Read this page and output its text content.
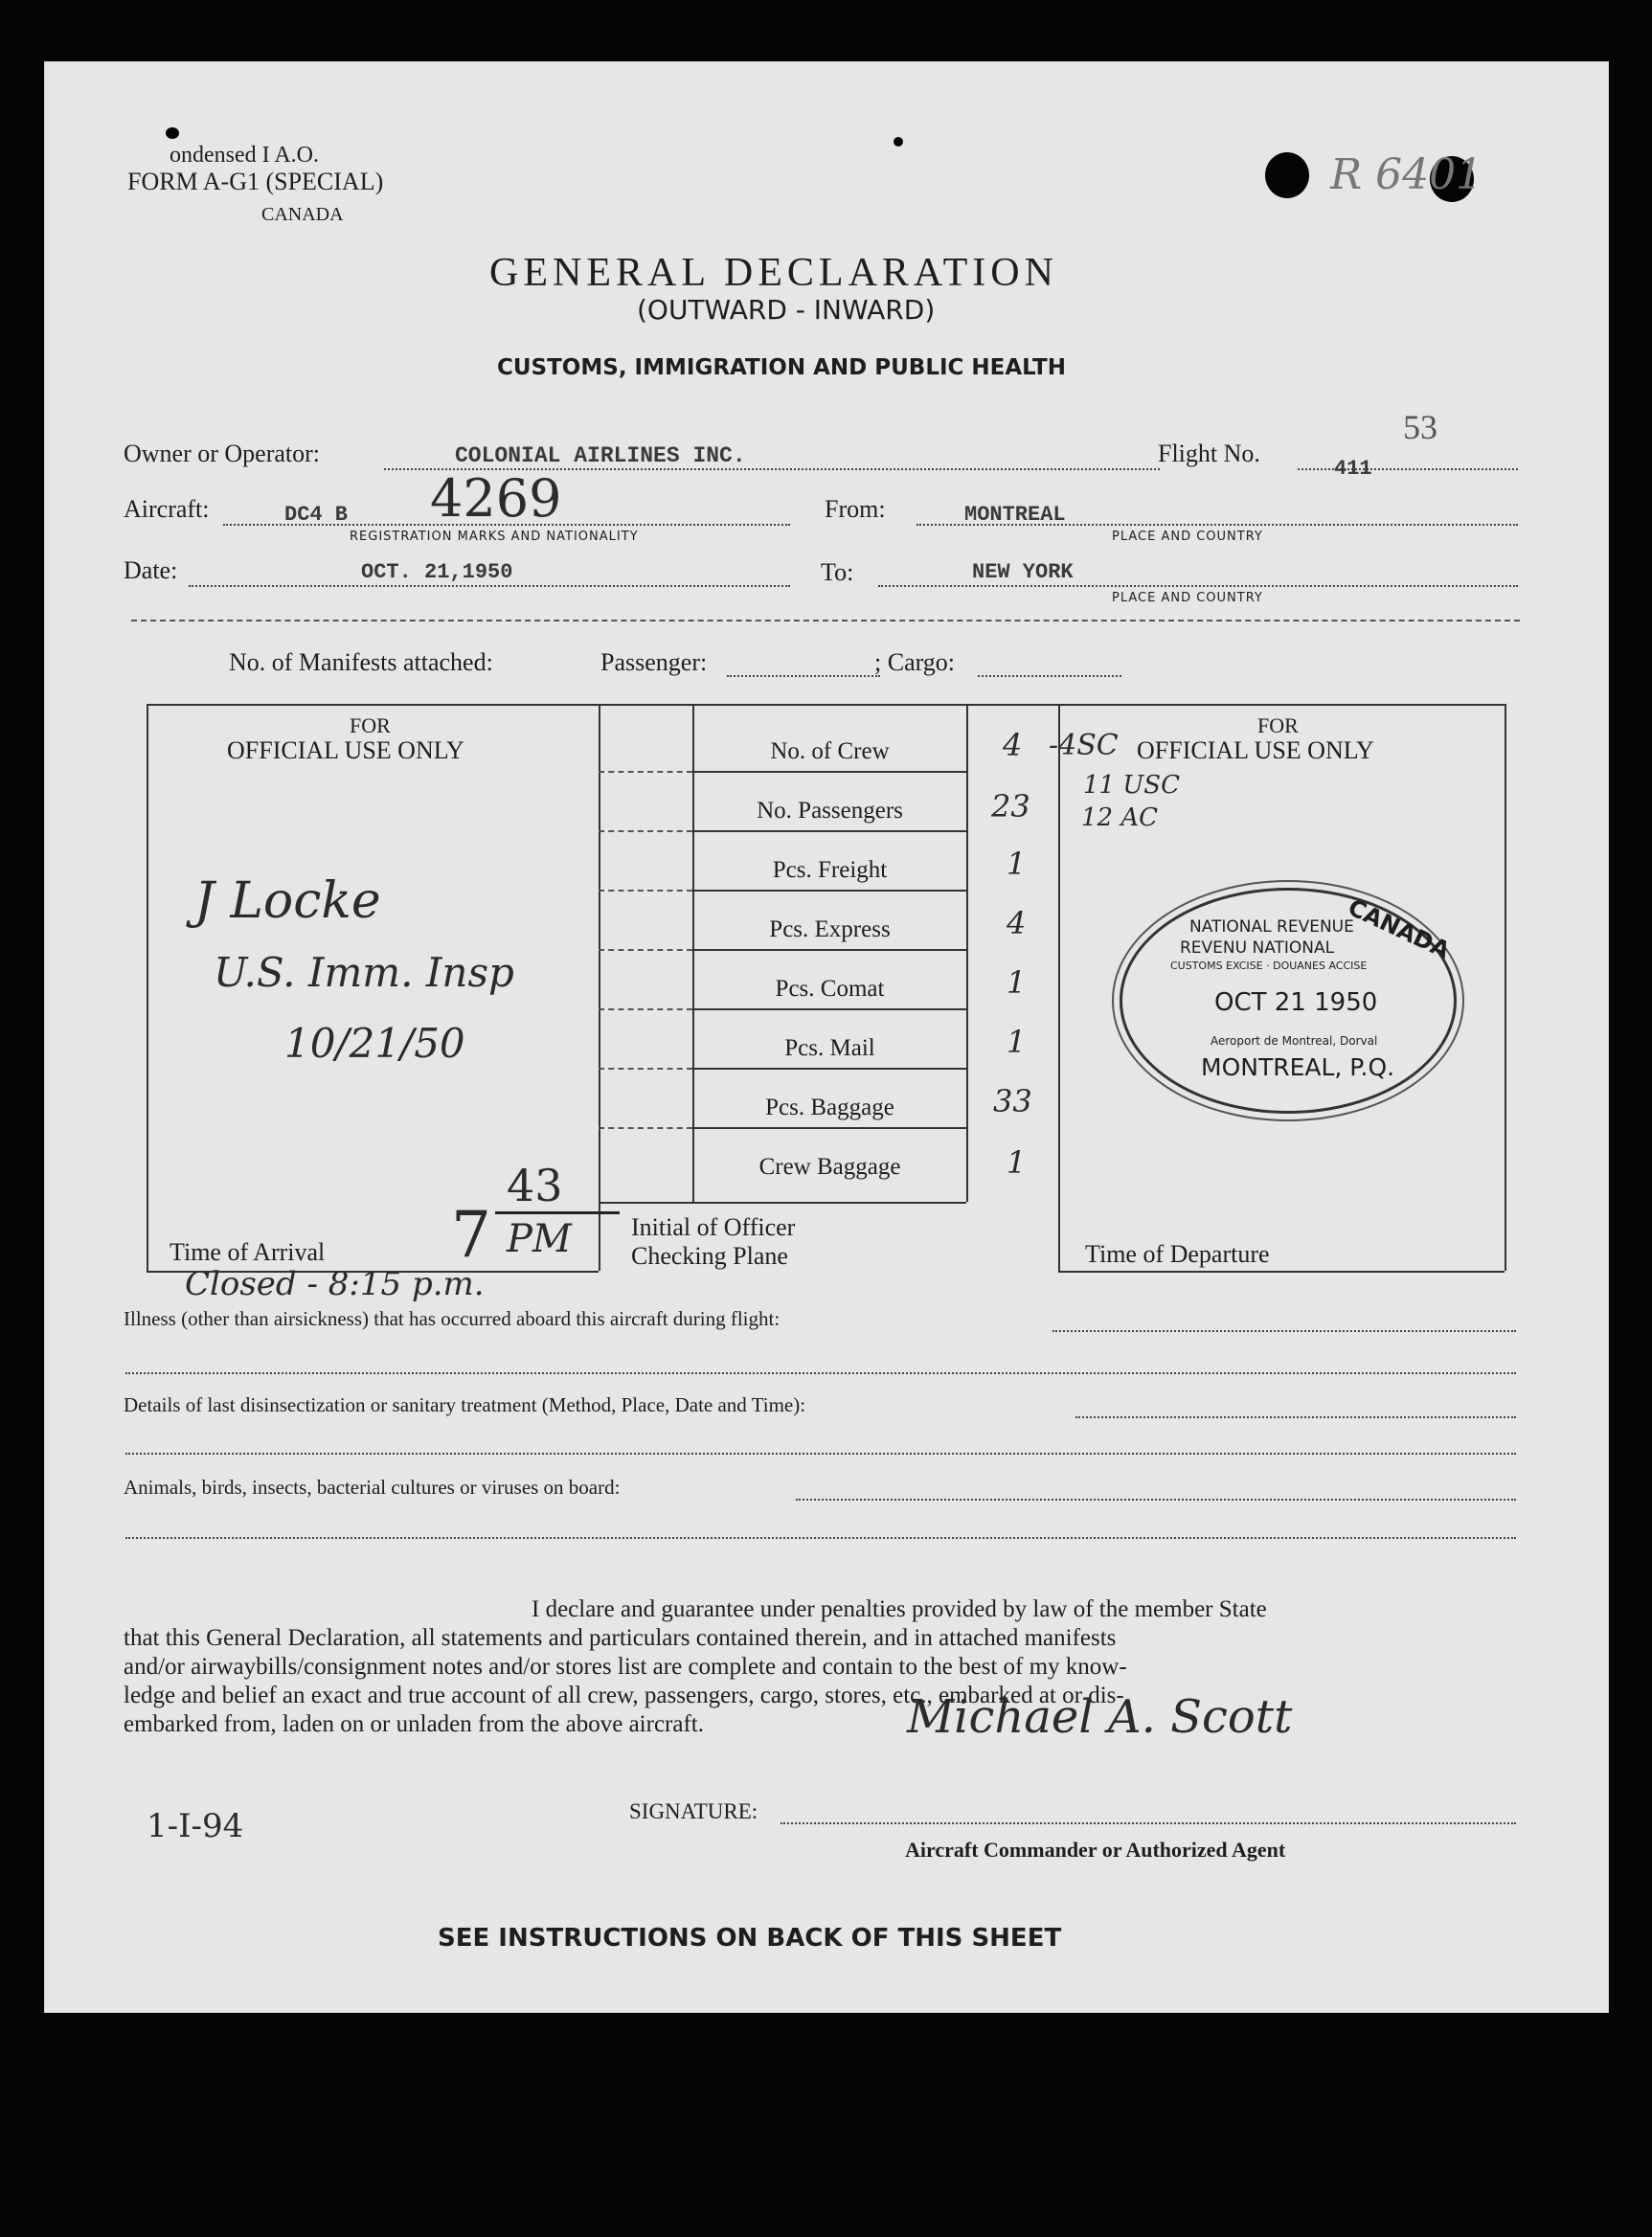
ondensed I A.O.
FORM A-G1 (SPECIAL)
CANADA
R 6401
GENERAL DECLARATION
(OUTWARD - INWARD)
CUSTOMS, IMMIGRATION AND PUBLIC HEALTH
Owner or Operator:	COLONIAL AIRLINES INC.	Flight No.
411
53
Aircraft:	DC4 B 4269
REGISTRATION MARKS AND NATIONALITY
From:	MONTREAL
PLACE AND COUNTRY
Date:	OCT. 21,1950	To:	NEW YORK
PLACE AND COUNTRY
No. of Manifests attached:	Passenger:	; Cargo:
FOR
OFFICIAL USE ONLY
FOR
OFFICIAL USE ONLY
No. of Crew	4
No. Passengers	23
Pcs. Freight	1
Pcs. Express	4
Pcs. Comat	1
Pcs. Mail	1
Pcs. Baggage	33
Crew Baggage	1
-4SC
11 USC
12 AC
J Locke
U.S. Imm. Insp
10/21/50
NATIONAL REVENUE
REVENU NATIONAL
CUSTOMS EXCISE · DOUANES ACCISE
CANADA
OCT 21 1950
Aeroport de Montreal, Dorval
MONTREAL, P.Q.
Time of Arrival 7
43
PM Initial of Officer
Checking Plane	Time of Departure
Closed - 8:15 p.m.
Illness (other than airsickness) that has occurred aboard this aircraft during flight:
Details of last disinsectization or sanitary treatment (Method, Place, Date and Time):
Animals, birds, insects, bacterial cultures or viruses on board:
I declare and guarantee under penalties provided by law of the member State
that this General Declaration, all statements and particulars contained therein, and in attached manifests
and/or airwaybills/consignment notes and/or stores list are complete and contain to the best of my know-
ledge and belief an exact and true account of all crew, passengers, cargo, stores, etc., embarked at or dis-
embarked from, laden on or unladen from the above aircraft.	Michael A. Scott
SIGNATURE:
Aircraft Commander or Authorized Agent
1-I-94
SEE INSTRUCTIONS ON BACK OF THIS SHEET
